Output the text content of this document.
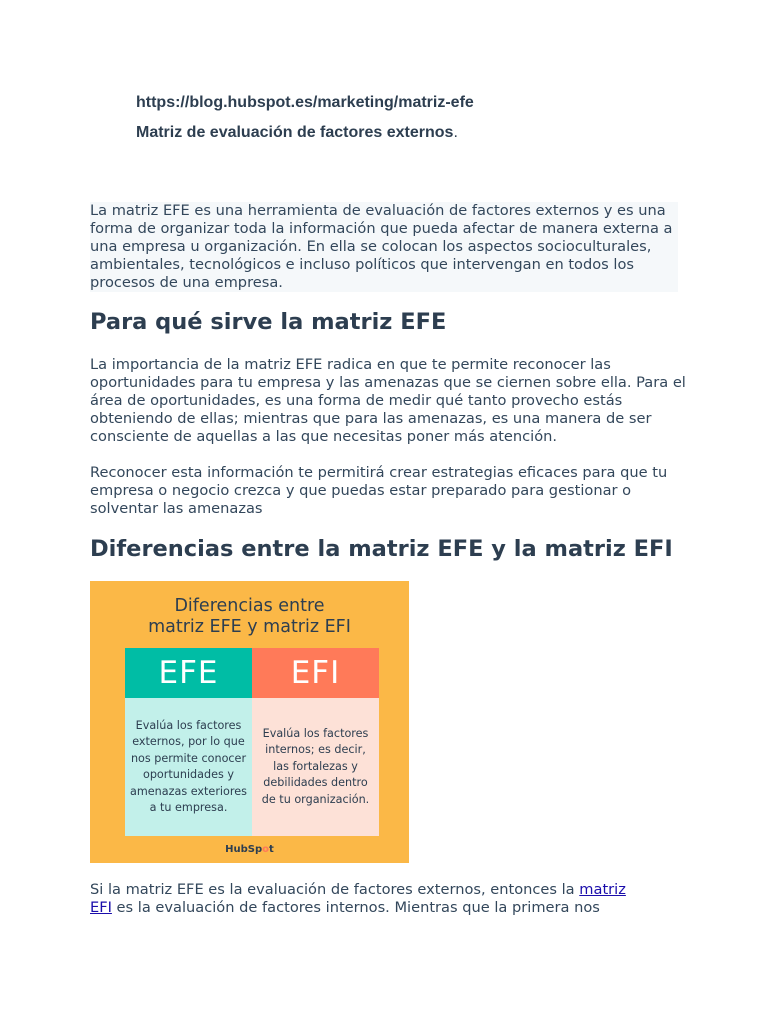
https://blog.hubspot.es/marketing/matriz-efe
Matriz de evaluación de factores externos.
La matriz EFE es una herramienta de evaluación de factores externos y es una forma de organizar toda la información que pueda afectar de manera externa a una empresa u organización. En ella se colocan los aspectos socioculturales, ambientales, tecnológicos e incluso políticos que intervengan en todos los procesos de una empresa.
Para qué sirve la matriz EFE
La importancia de la matriz EFE radica en que te permite reconocer las oportunidades para tu empresa y las amenazas que se ciernen sobre ella. Para el área de oportunidades, es una forma de medir qué tanto provecho estás obteniendo de ellas; mientras que para las amenazas, es una manera de ser consciente de aquellas a las que necesitas poner más atención.
Reconocer esta información te permitirá crear estrategias eficaces para que tu empresa o negocio crezca y que puedas estar preparado para gestionar o solventar las amenazas
Diferencias entre la matriz EFE y la matriz EFI
Diferencias entre
matriz EFE y matriz EFI
EFE	EFI
Evalúa los factores externos, por lo que nos permite conocer oportunidades y amenazas exteriores a tu empresa.
Evalúa los factores internos; es decir, las fortalezas y debilidades dentro de tu organización.
HubSpot
Si la matriz EFE es la evaluación de factores externos, entonces la matriz
EFI es la evaluación de factores internos. Mientras que la primera nos
